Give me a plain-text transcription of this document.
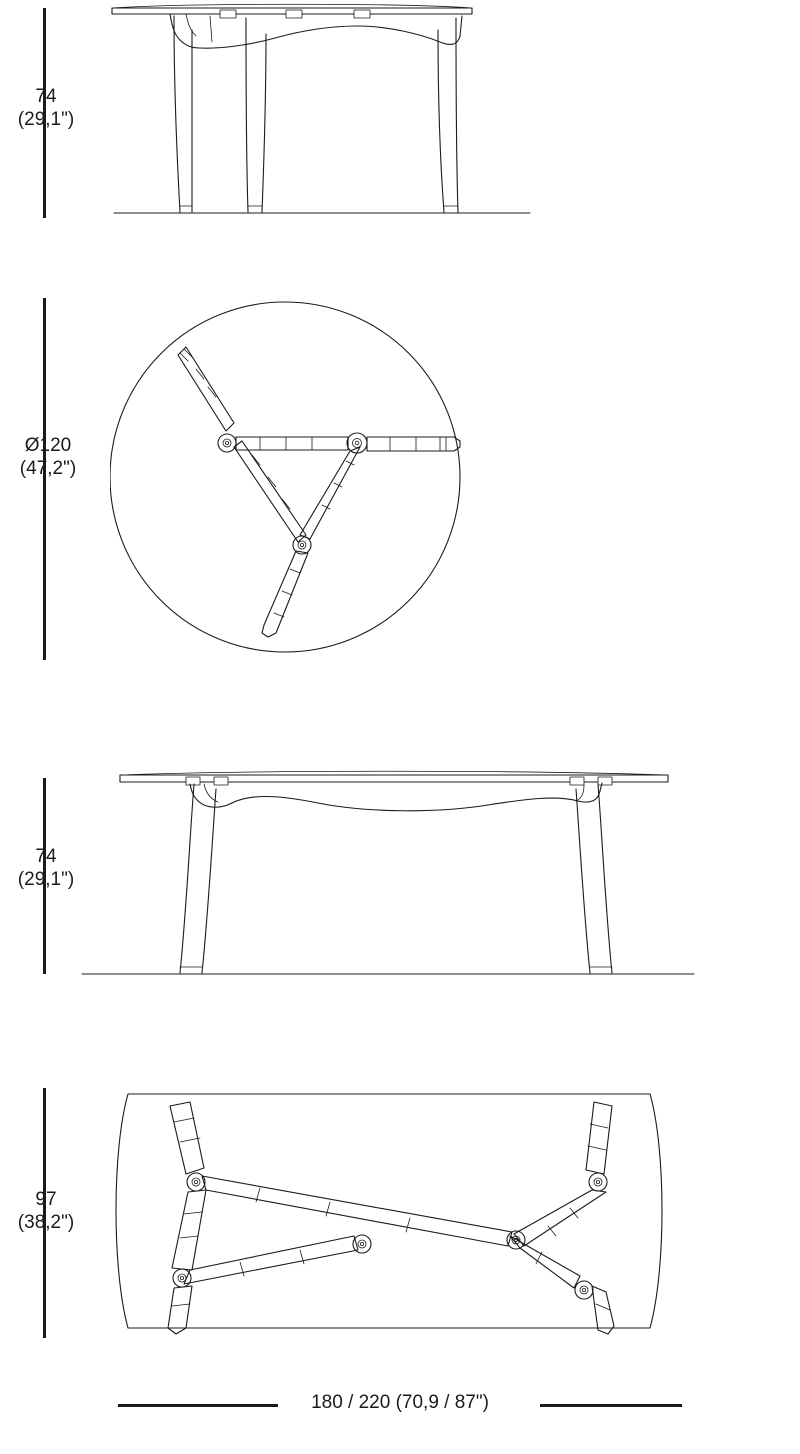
74
(29,1")
Ø120
(47,2")
74
(29,1")
97
(38,2")
180 / 220 (70,9 / 87")
